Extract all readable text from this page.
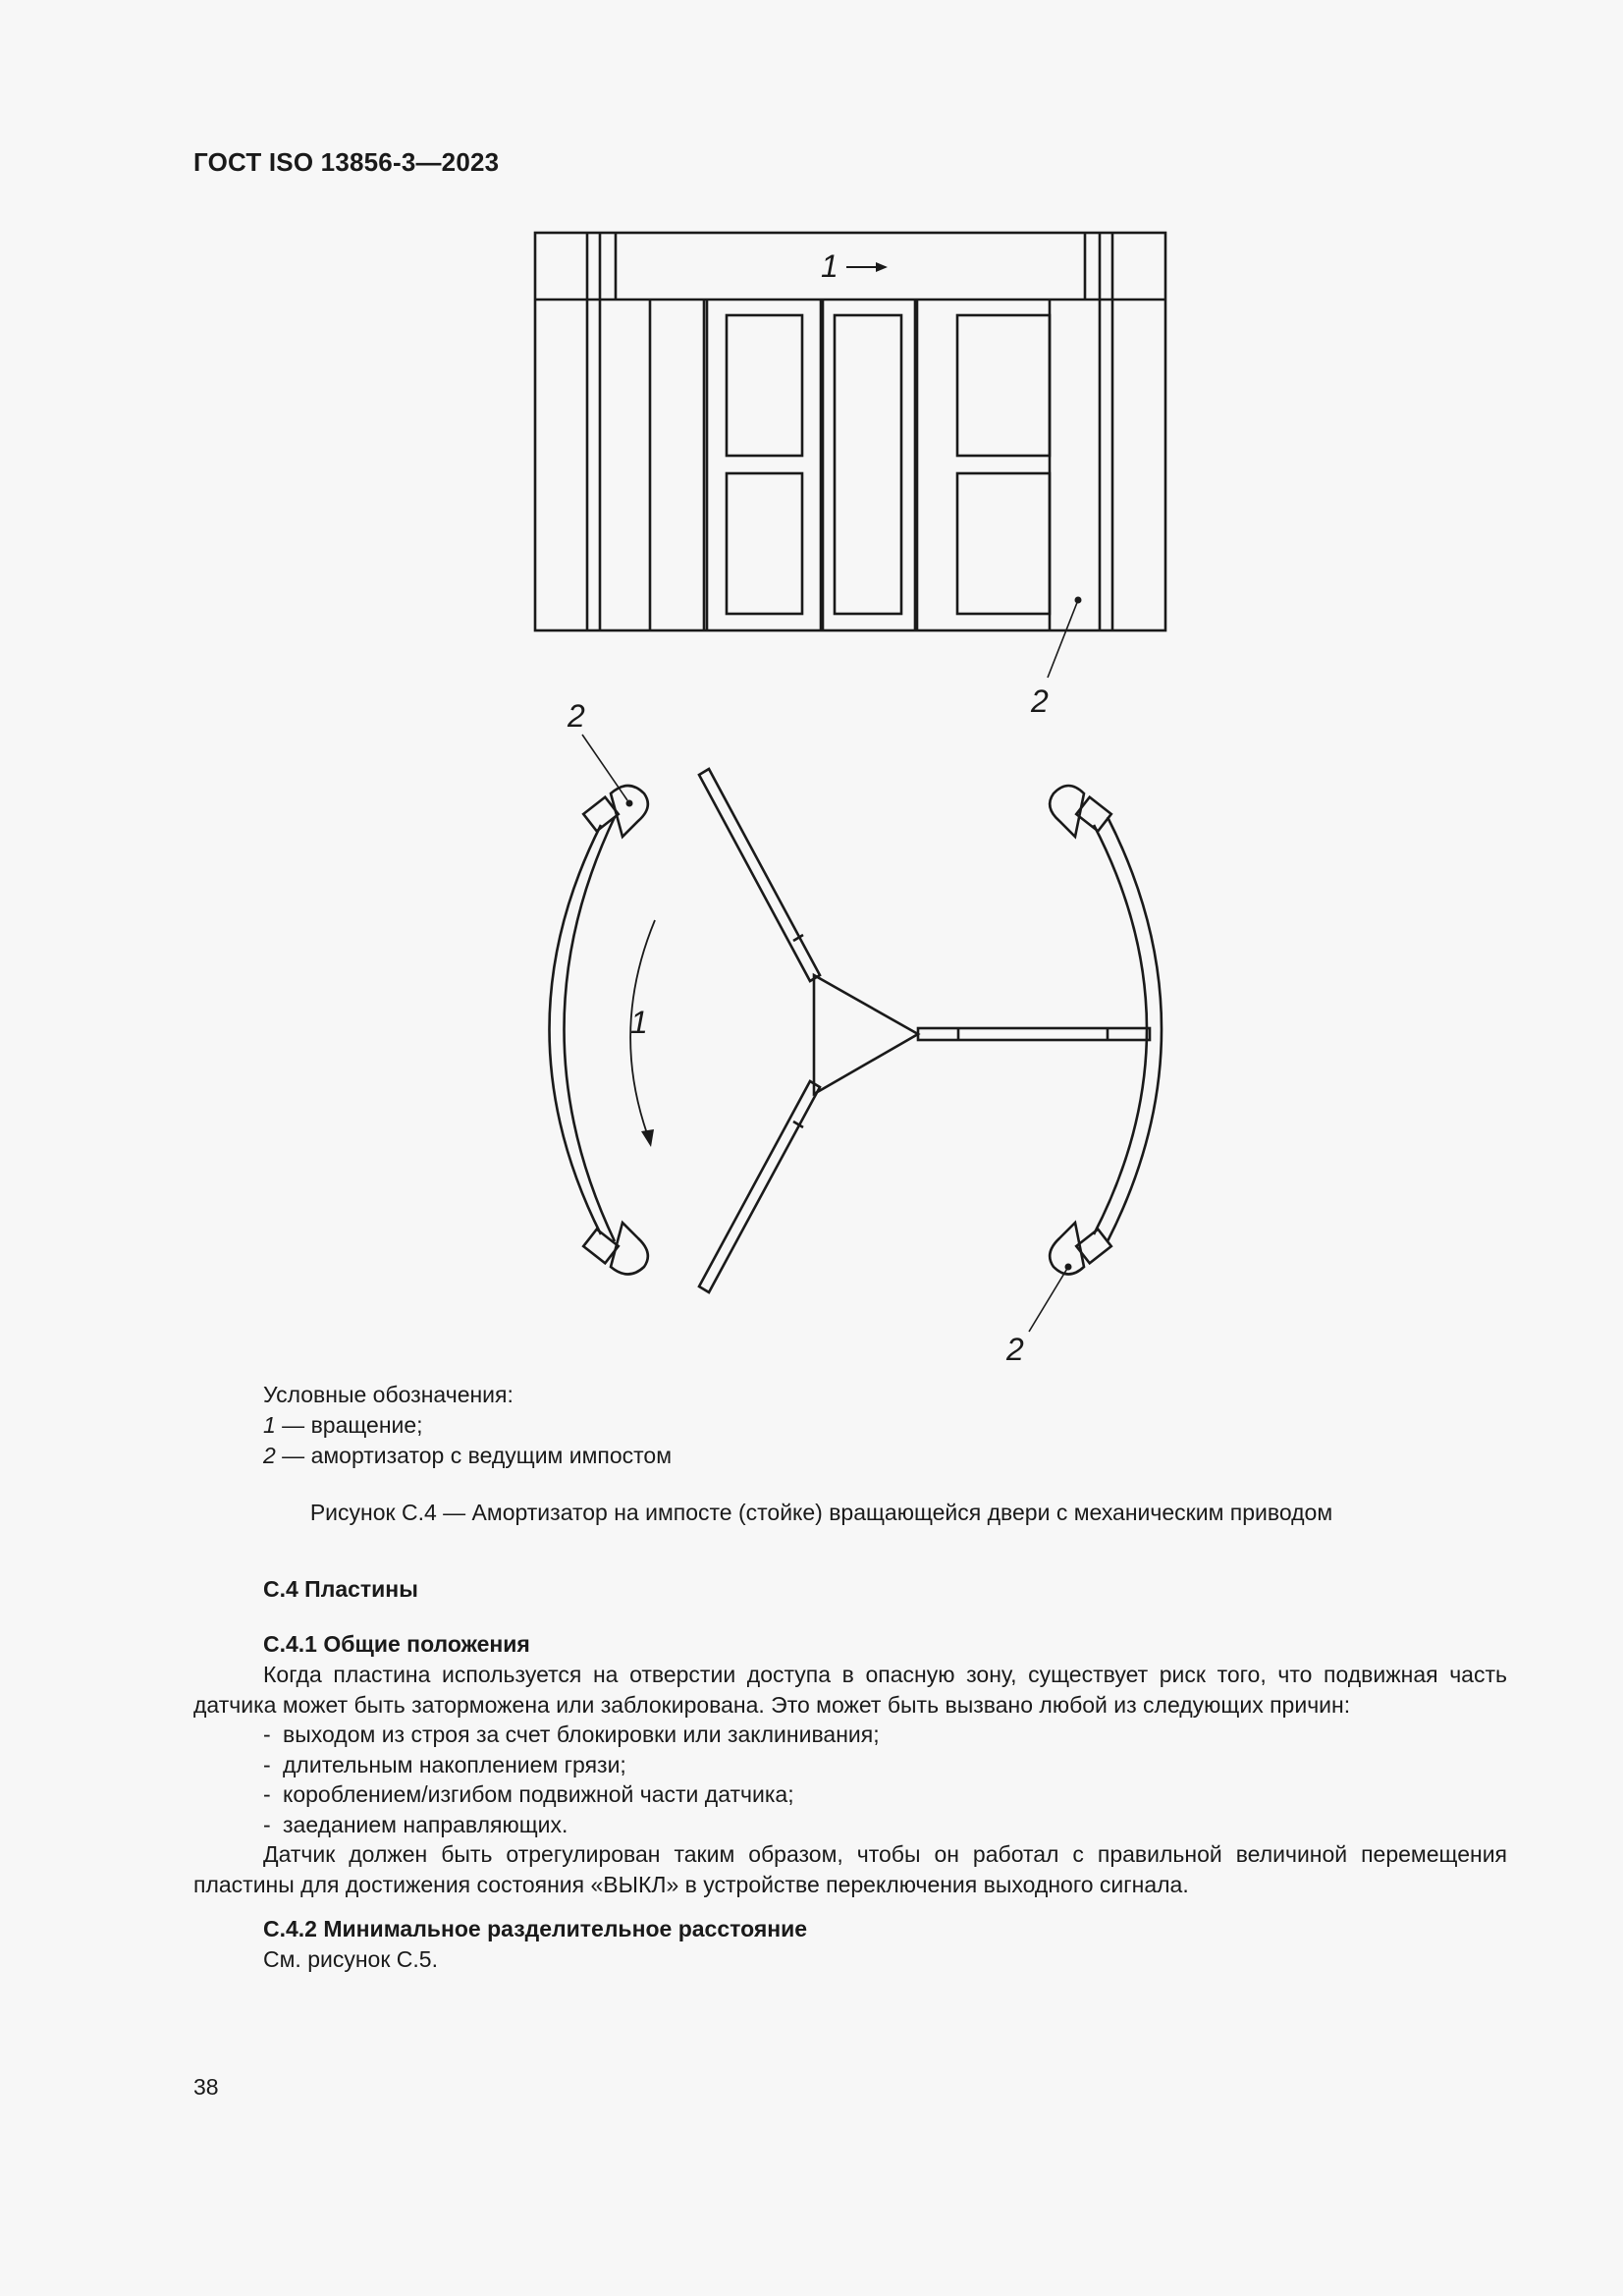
ГОСТ ISO 13856-3—2023
1
2
1
2
2
Условные обозначения:
1 — вращение;
2 — амортизатор с ведущим импостом
Рисунок С.4 — Амортизатор на импосте (стойке) вращающейся двери с механическим приводом
С.4 Пластины
С.4.1 Общие положения

Когда пластина используется на отверстии доступа в опасную зону, существует риск того, что подвижная часть датчика может быть заторможена или заблокирована. Это может быть вызвано любой из следующих причин:

- выходом из строя за счет блокировки или заклинивания;
- длительным накоплением грязи;
- короблением/изгибом подвижной части датчика;
- заеданием направляющих.

Датчик должен быть отрегулирован таким образом, чтобы он работал с правильной величиной перемещения пластины для достижения состояния «ВЫКЛ» в устройстве переключения выходного сигнала.

С.4.2 Минимальное разделительное расстояние

См. рисунок С.5.

38
